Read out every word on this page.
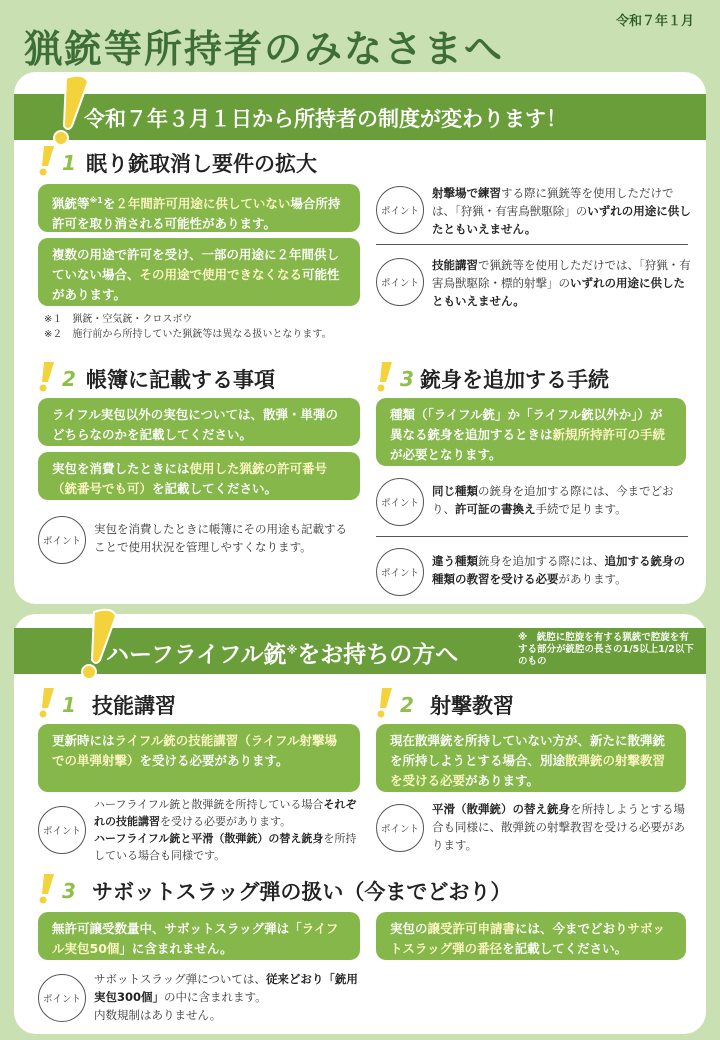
令和７年１月
猟銃等所持者のみなさまへ
令和７年３月１日から所持者の制度が変わります！
1 眠り銃取消し要件の拡大
猟銃等$^{※1}$を２年間許可用途に供していない場合所持許可を取り消される可能性があります。
複数の用途で許可を受け、一部の用途に２年間供していない場合、その用途で使用できなくなる可能性があります。
※１　猟銃・空気銃・クロスボウ
※２　施行前から所持していた猟銃等は異なる扱いとなります。
ポイント
射撃場で練習する際に猟銃等を使用しただけでは、「狩猟・有害鳥獣駆除」のいずれの用途に供したともいえません。
ポイント
技能講習で猟銃等を使用しただけでは、「狩猟・有害鳥獣駆除・標的射撃」のいずれの用途に供したともいえません。
2 帳簿に記載する事項
ライフル実包以外の実包については、散弾・単弾のどちらなのかを記載してください。
実包を消費したときには使用した猟銃の許可番号（銃番号でも可）を記載してください。
ポイント
実包を消費したときに帳簿にその用途も記載することで使用状況を管理しやすくなります。
3 銃身を追加する手続
種類（「ライフル銃」か「ライフル銃以外か」）が異なる銃身を追加するときは新規所持許可の手続が必要となります。
ポイント
同じ種類の銃身を追加する際には、今までどおり、許可証の書換え手続で足ります。
ポイント
違う種類銃身を追加する際には、追加する銃身の種類の教習を受ける必要があります。
ハーフライフル銃※をお持ちの方へ
※　銃腔に腔旋を有する猟銃で腔旋を有する部分が銃腔の長さの1/5以上1/2以下のもの
1 技能講習
更新時にはライフル銃の技能講習（ライフル射撃場での単弾射撃）を受ける必要があります。
ポイント
ハーフライフル銃と散弾銃を所持している場合それぞれの技能講習を受ける必要があります。
ハーフライフル銃と平滑（散弾銃）の替え銃身を所持している場合も同様です。
2 射撃教習
現在散弾銃を所持していない方が、新たに散弾銃を所持しようとする場合、別途散弾銃の射撃教習を受ける必要があります。
ポイント
平滑（散弾銃）の替え銃身を所持しようとする場合も同様に、散弾銃の射撃教習を受ける必要があります。
3 サボットスラッグ弾の扱い（今までどおり）
無許可譲受数量中、サボットスラッグ弾は「ライフル実包50個」に含まれません。
実包の譲受許可申請書には、今までどおりサボットスラッグ弾の番径を記載してください。
ポイント
サボットスラッグ弾については、従来どおり「銃用実包300個」の中に含まれます。
内数規制はありません。
